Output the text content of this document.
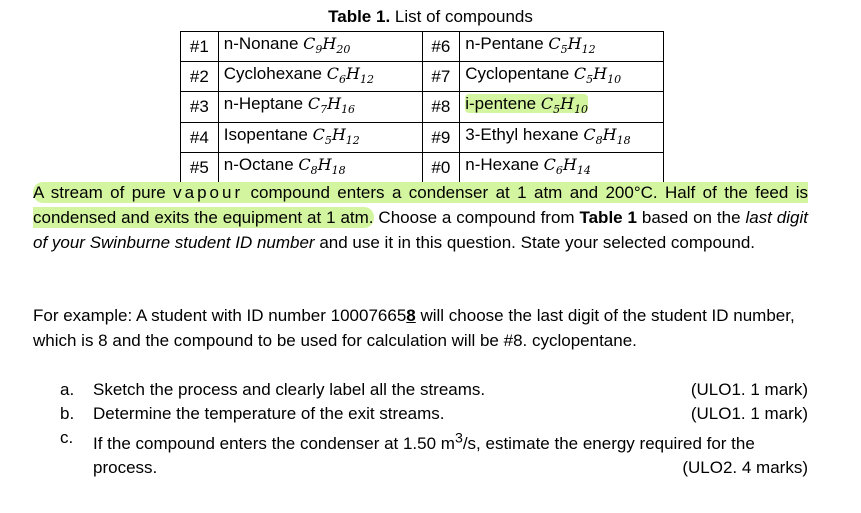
Table 1. List of compounds
#1	n-Nonane $C_9H_{20}$	#6	n-Pentane $C_5H_{12}$
#2	Cyclohexane $C_6H_{12}$	#7	Cyclopentane $C_5H_{10}$
#3	n-Heptane $C_7H_{16}$	#8	i-pentene $C_5H_{10}$
#4	Isopentane $C_5H_{12}$	#9	3-Ethyl hexane $C_8H_{18}$
#5	n-Octane $C_8H_{18}$	#0	n-Hexane $C_6H_{14}$

A stream of pure vapour compound enters a condenser at 1 atm and 200°C. Half of the feed is condensed and exits the equipment at 1 atm. Choose a compound from Table 1 based on the last digit of your Swinburne student ID number and use it in this question. State your selected compound.

For example: A student with ID number 100076658 will choose the last digit of the student ID number, which is 8 and the compound to be used for calculation will be #8. cyclopentane.

a.	(ULO1. 1 mark)
Sketch the process and clearly label all the streams.
b.	(ULO1. 1 mark)
Determine the temperature of the exit streams.
c. If the compound enters the condenser at 1.50 $m^3/s$, estimate the energy required for the process.	(ULO2. 4 marks)
